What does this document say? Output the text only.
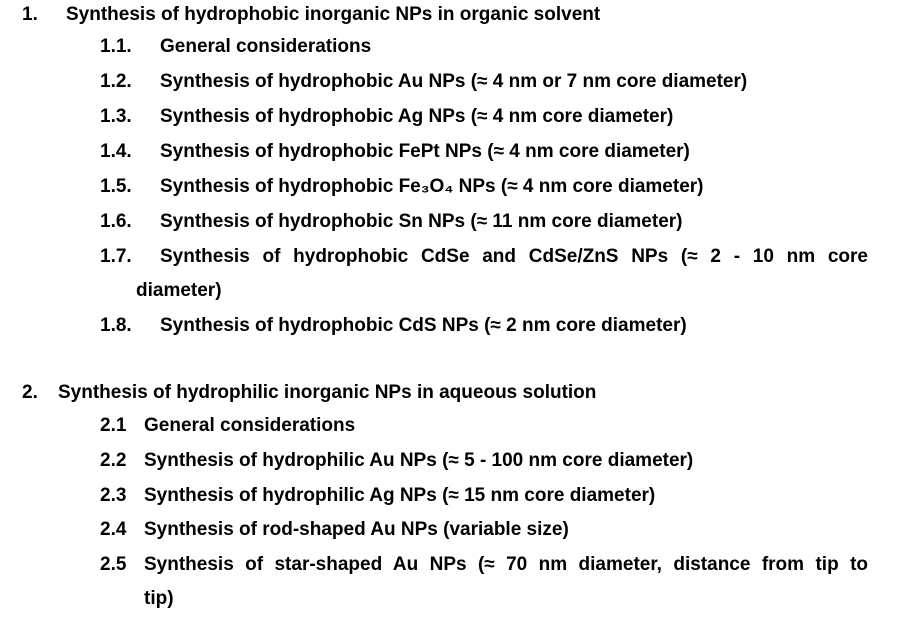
1. Synthesis of hydrophobic inorganic NPs in organic solvent
1.1. General considerations
1.2. Synthesis of hydrophobic Au NPs (≈ 4 nm or 7 nm core diameter)
1.3. Synthesis of hydrophobic Ag NPs (≈ 4 nm core diameter)
1.4. Synthesis of hydrophobic FePt NPs (≈ 4 nm core diameter)
1.5. Synthesis of hydrophobic Fe₃O₄ NPs (≈ 4 nm core diameter)
1.6. Synthesis of hydrophobic Sn NPs (≈ 11 nm core diameter)
1.7. Synthesis of hydrophobic CdSe and CdSe/ZnS NPs (≈ 2 - 10 nm core
diameter)
1.8. Synthesis of hydrophobic CdS NPs (≈ 2 nm core diameter)
2. Synthesis of hydrophilic inorganic NPs in aqueous solution
2.1 General considerations
2.2 Synthesis of hydrophilic Au NPs (≈ 5 - 100 nm core diameter)
2.3 Synthesis of hydrophilic Ag NPs (≈ 15 nm core diameter)
2.4 Synthesis of rod-shaped Au NPs (variable size)
2.5 Synthesis of star-shaped Au NPs (≈ 70 nm diameter, distance from tip to
tip)
